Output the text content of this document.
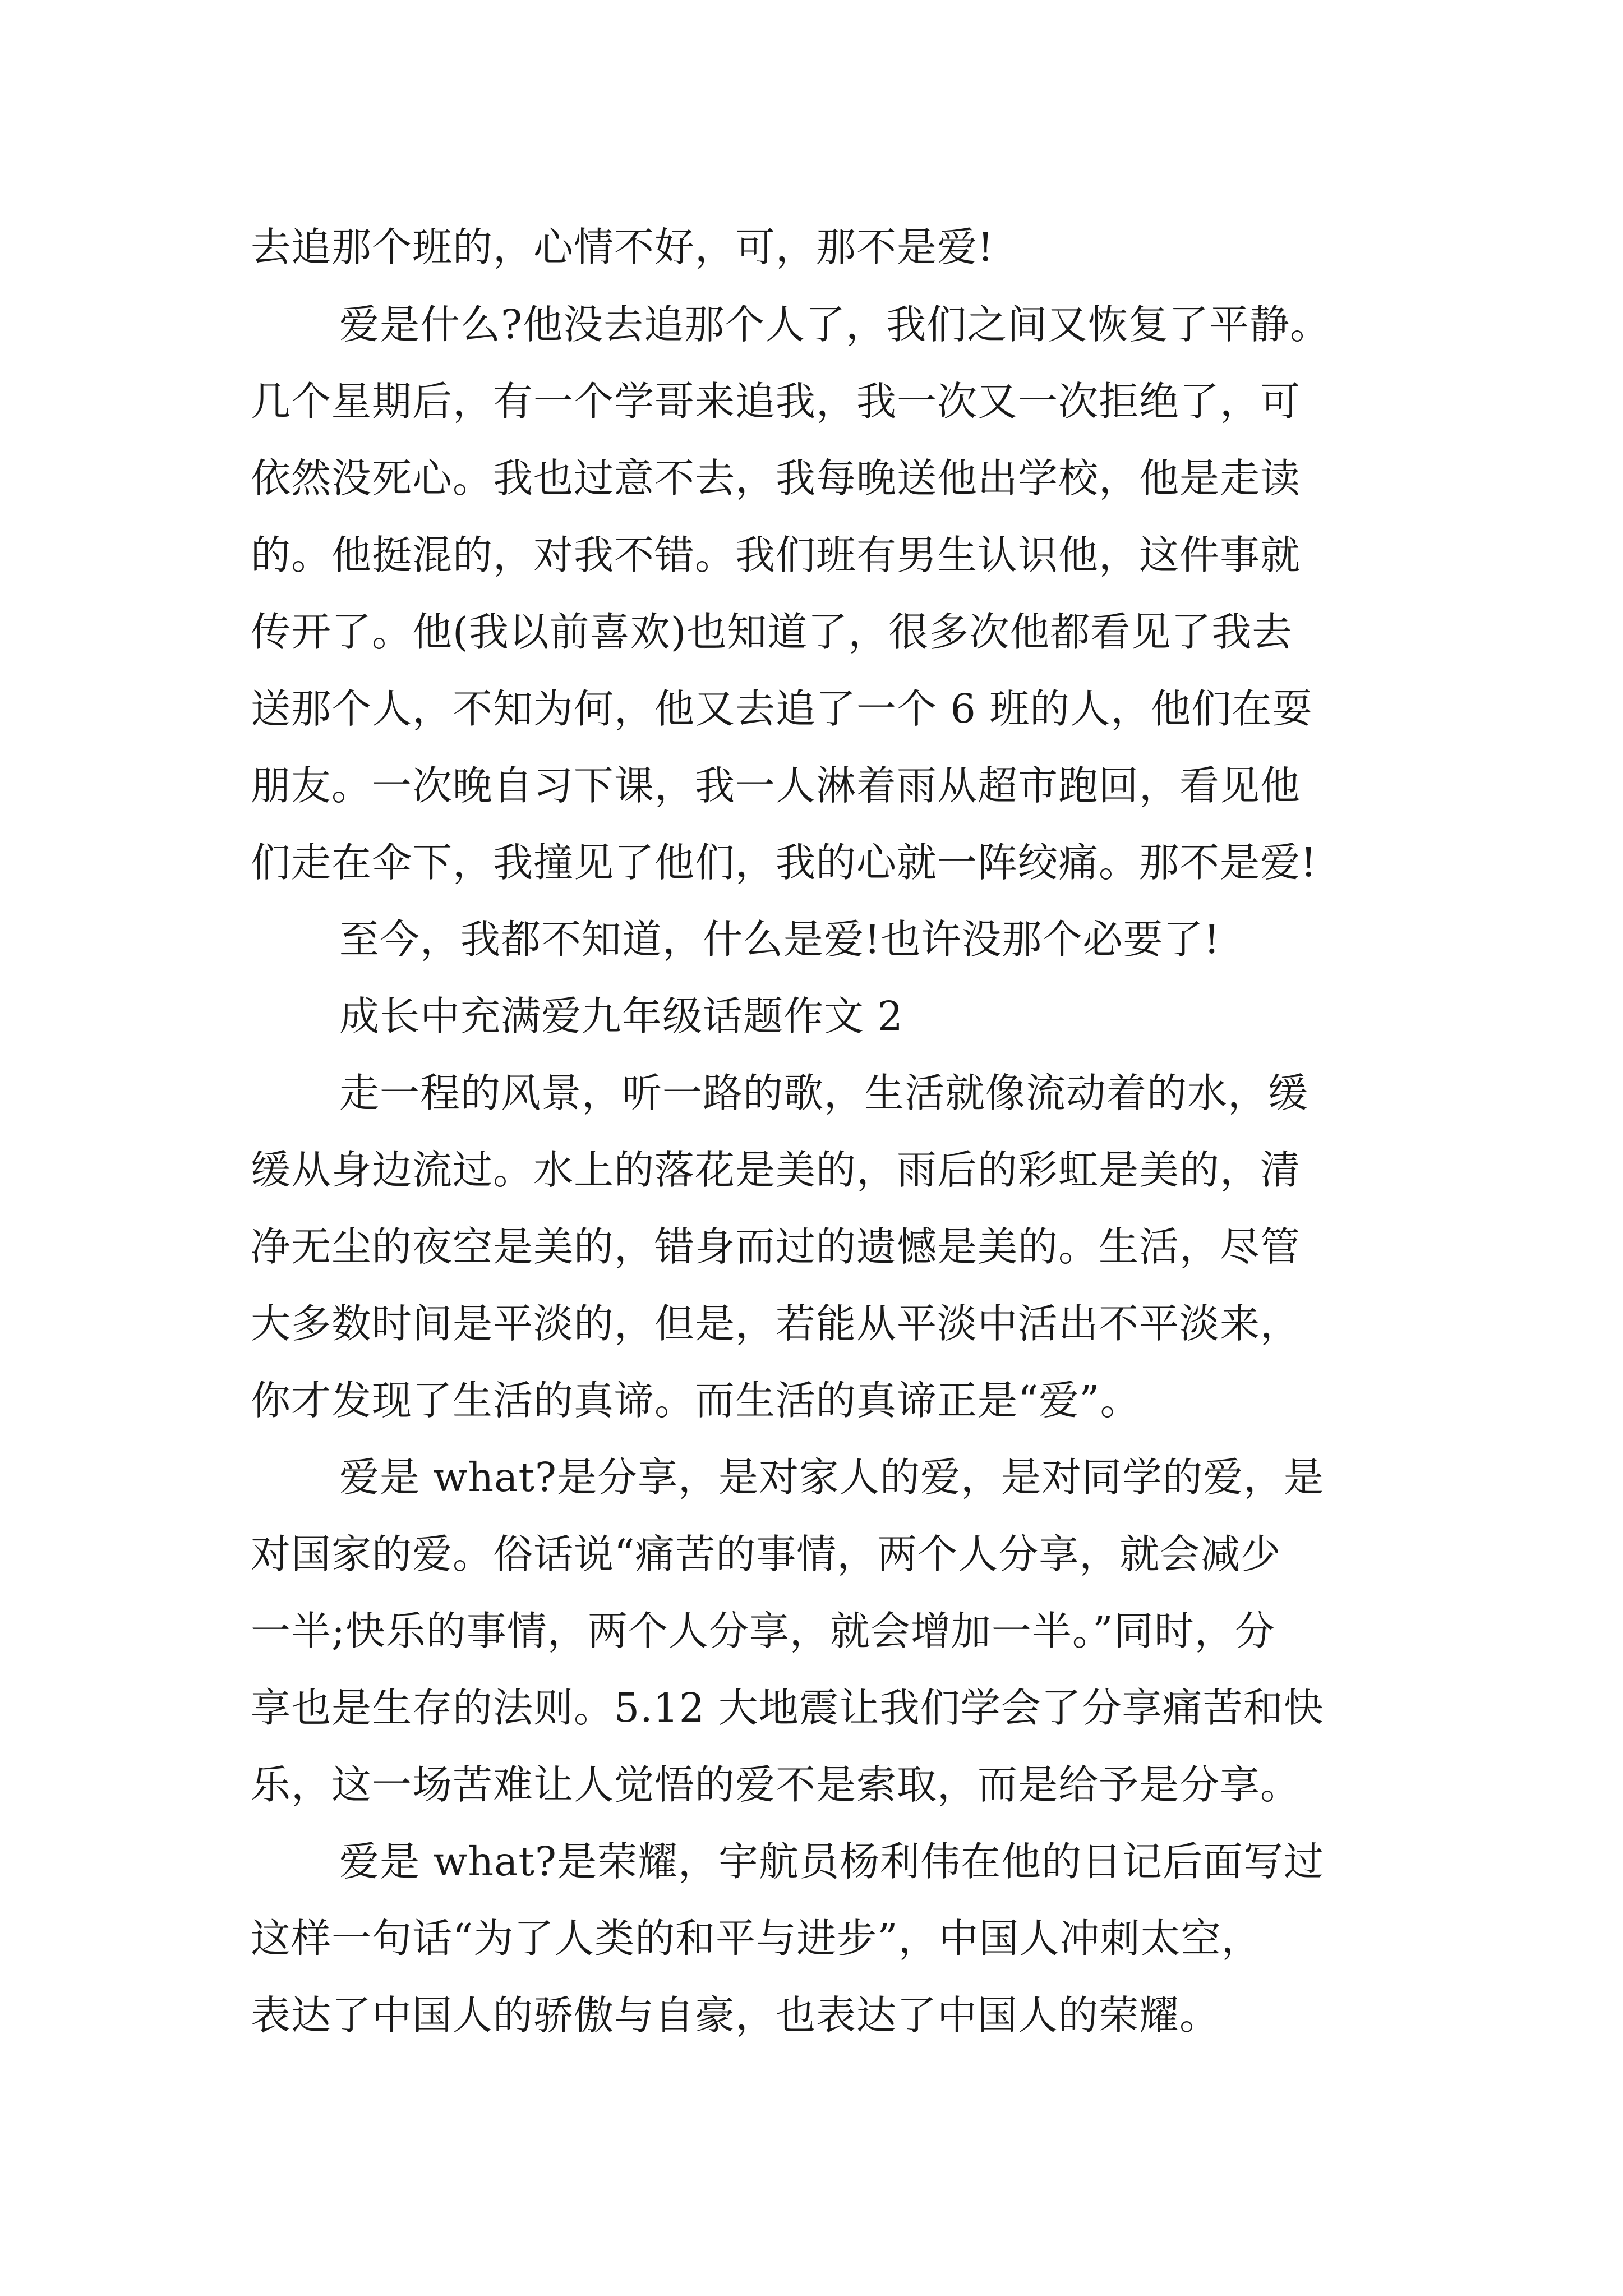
去追那个班的，心情不好，可，那不是爱!
爱是什么?他没去追那个人了，我们之间又恢复了平静。
几个星期后，有一个学哥来追我，我一次又一次拒绝了，可
依然没死心。我也过意不去，我每晚送他出学校，他是走读
的。他挺混的，对我不错。我们班有男生认识他，这件事就
传开了。他(我以前喜欢)也知道了，很多次他都看见了我去
送那个人，不知为何，他又去追了一个 6 班的人，他们在耍
朋友。一次晚自习下课，我一人淋着雨从超市跑回，看见他
们走在伞下，我撞见了他们，我的心就一阵绞痛。那不是爱!
至今，我都不知道，什么是爱!也许没那个必要了!
成长中充满爱九年级话题作文 2
走一程的风景，听一路的歌，生活就像流动着的水，缓
缓从身边流过。水上的落花是美的，雨后的彩虹是美的，清
净无尘的夜空是美的，错身而过的遗憾是美的。生活，尽管
大多数时间是平淡的，但是，若能从平淡中活出不平淡来，
你才发现了生活的真谛。而生活的真谛正是“爱”。
爱是 what?是分享，是对家人的爱，是对同学的爱，是
对国家的爱。俗话说“痛苦的事情，两个人分享，就会减少
一半;快乐的事情，两个人分享，就会增加一半。”同时，分
享也是生存的法则。5.12 大地震让我们学会了分享痛苦和快
乐，这一场苦难让人觉悟的爱不是索取，而是给予是分享。
爱是 what?是荣耀，宇航员杨利伟在他的日记后面写过
这样一句话“为了人类的和平与进步”，中国人冲刺太空，
表达了中国人的骄傲与自豪，也表达了中国人的荣耀。
